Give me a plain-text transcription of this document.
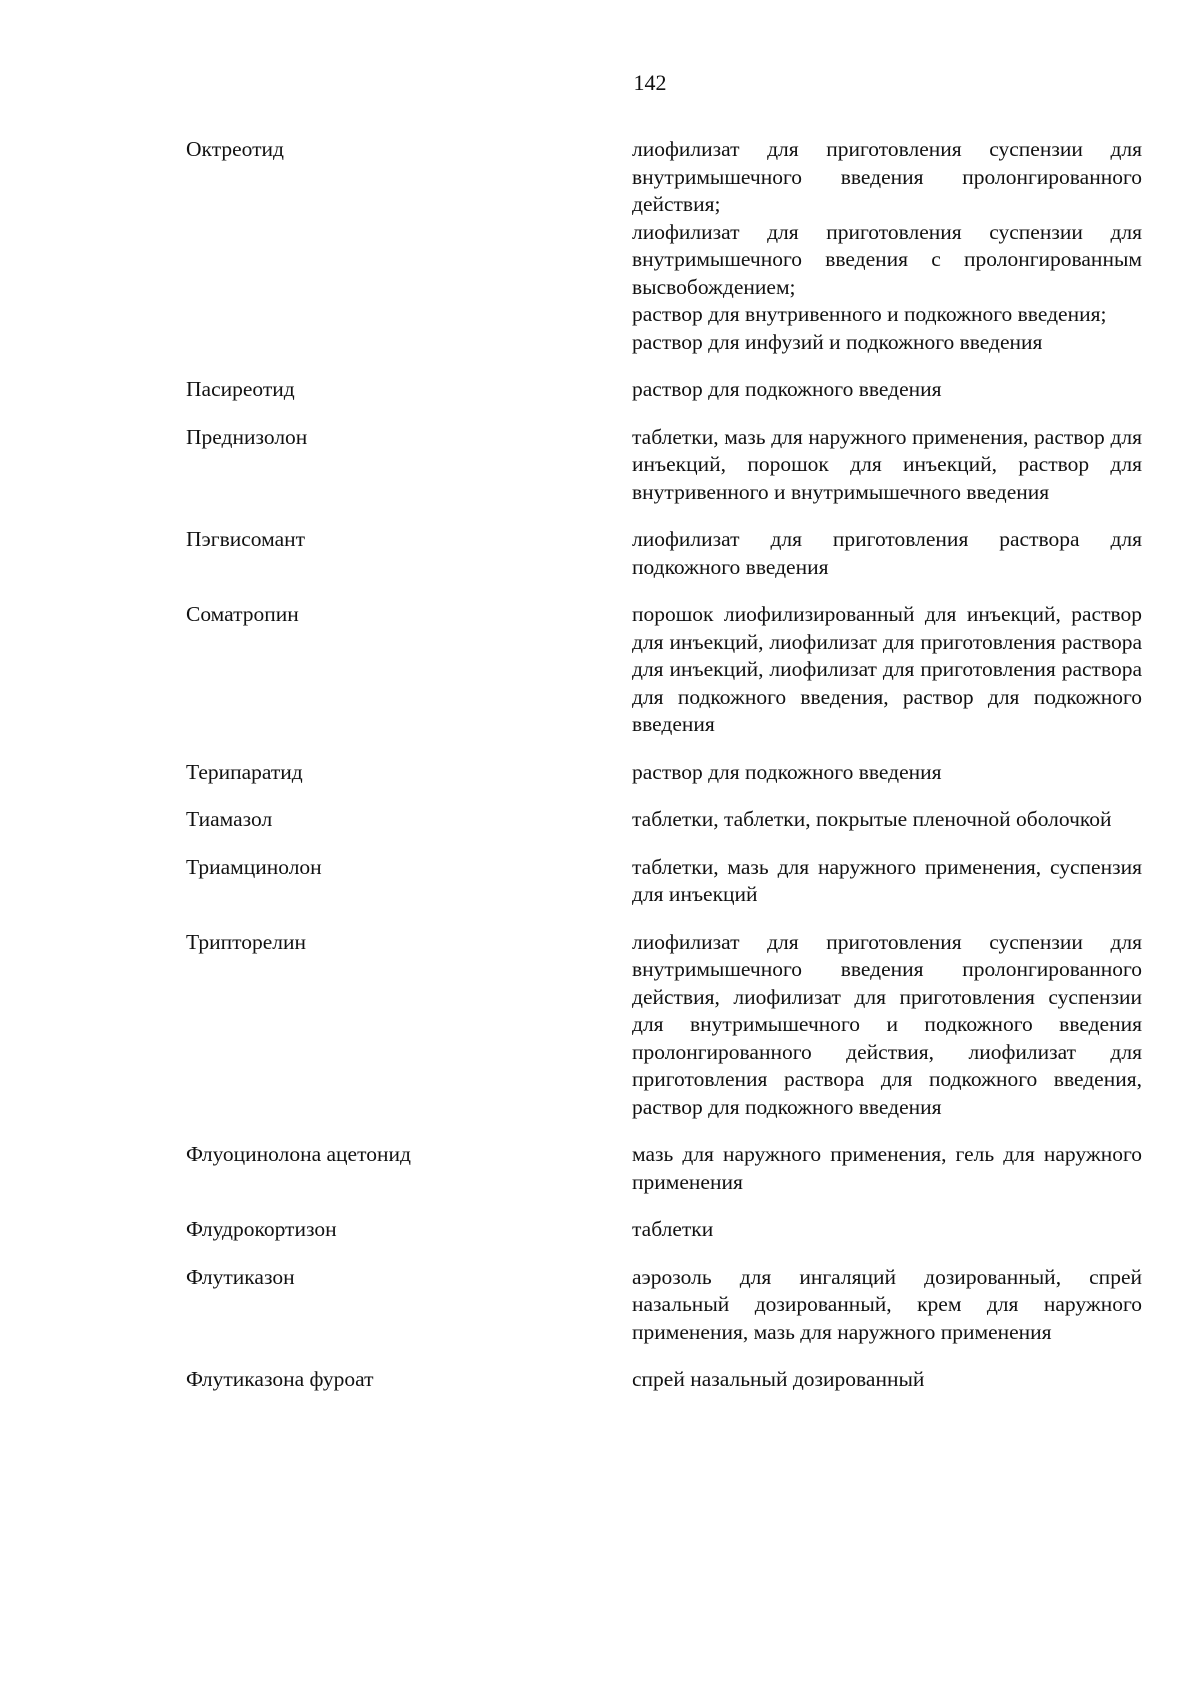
142
Октреотид	лиофилизат для приготовления суспензии для внутримышечного введения пролонгированного действия;
лиофилизат для приготовления суспензии для внутримышечного введения с пролонгированным высвобождением;
раствор для внутривенного и подкожного введения;
раствор для инфузий и подкожного введения
Пасиреотид	раствор для подкожного введения
Преднизолон	таблетки, мазь для наружного применения, раствор для инъекций, порошок для инъекций, раствор для внутривенного и внутримышечного введения
Пэгвисомант	лиофилизат для приготовления раствора для подкожного введения
Соматропин	порошок лиофилизированный для инъекций, раствор для инъекций, лиофилизат для приготовления раствора для инъекций, лиофилизат для приготовления раствора для подкожного введения, раствор для подкожного введения
Терипаратид	раствор для подкожного введения
Тиамазол	таблетки, таблетки, покрытые пленочной оболочкой
Триамцинолон	таблетки, мазь для наружного применения, суспензия для инъекций
Трипторелин	лиофилизат для приготовления суспензии для внутримышечного введения пролонгированного действия, лиофилизат для приготовления суспензии для внутримышечного и подкожного введения пролонгированного действия, лиофилизат для приготовления раствора для подкожного введения, раствор для подкожного введения
Флуоцинолона ацетонид	мазь для наружного применения, гель для наружного применения
Флудрокортизон	таблетки
Флутиказон	аэрозоль для ингаляций дозированный, спрей назальный дозированный, крем для наружного применения, мазь для наружного применения
Флутиказона фуроат	спрей назальный дозированный
